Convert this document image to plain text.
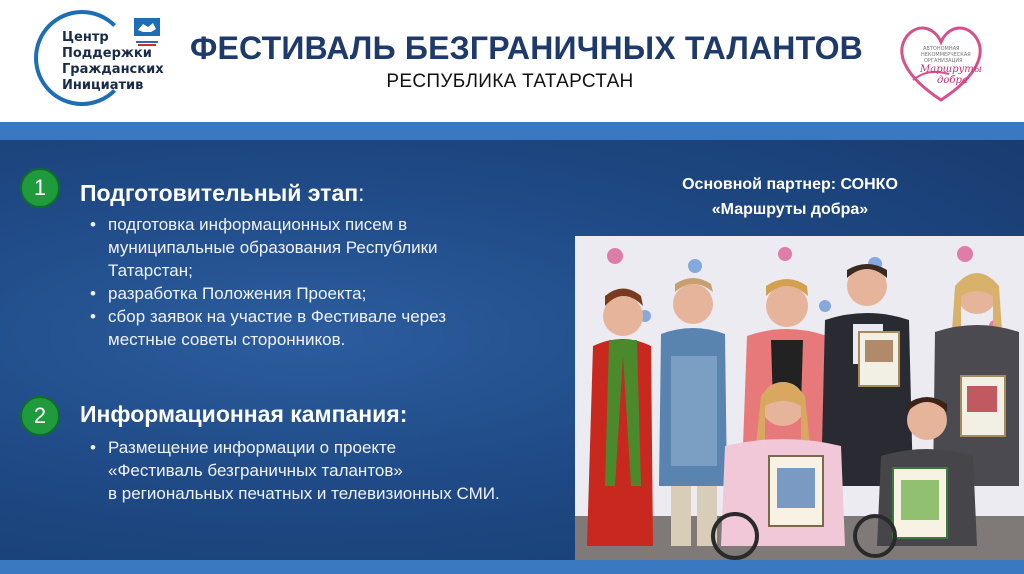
Центр
Поддержки
Гражданских
Инициатив
ФЕСТИВАЛЬ БЕЗГРАНИЧНЫХ ТАЛАНТОВ
РЕСПУБЛИКА ТАТАРСТАН
АВТОНОМНАЯ
НЕКОММЕРЧЕСКАЯ
ОРГАНИЗАЦИЯ
Маршруты
добра
1	Подготовительный этап:
• подготовка информационных писем в
муниципальные образования Республики
Татарстан;
• разработка Положения Проекта;
• сбор заявок на участие в Фестивале через
местные советы сторонников.
2	Информационная кампания:
• Размещение информации о проекте
«Фестиваль безграничных талантов»
в региональных печатных и телевизионных СМИ.
Основной партнер: СОНКО
«Маршруты добра»
